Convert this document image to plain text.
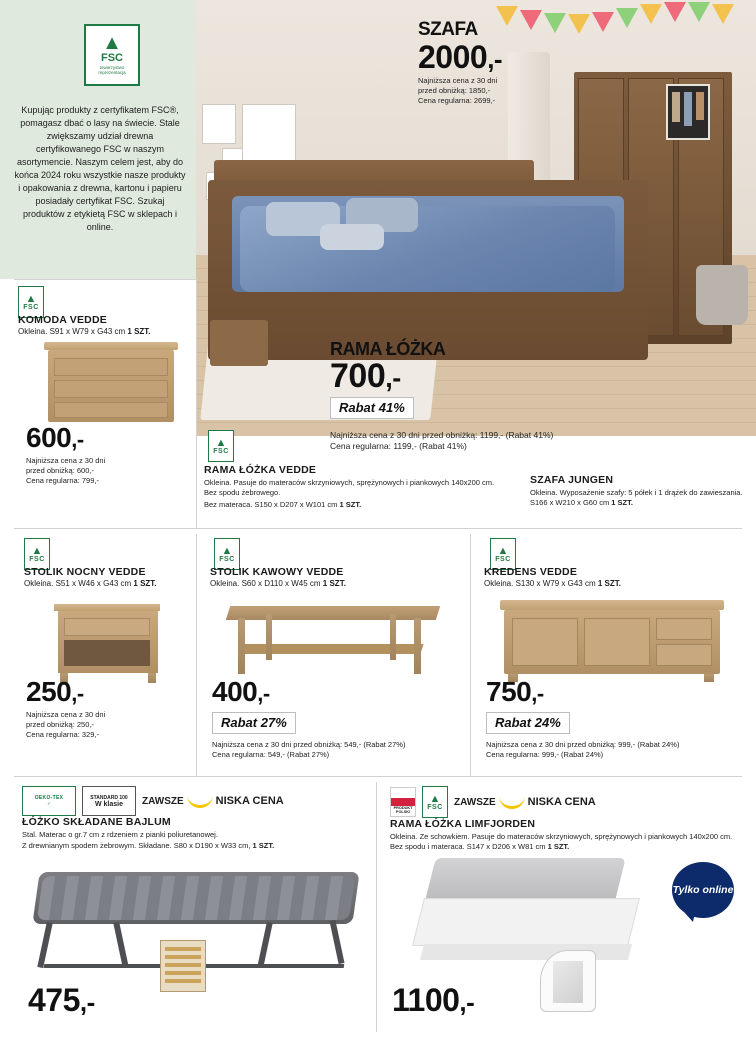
▲
FSC
towarzystwo
reprezentacja
Kupując produkty z certyfikatem FSC®, pomagasz dbać o lasy na świecie. Stale zwiększamy udział drewna certyfikowanego FSC w naszym asortymencie. Naszym celem jest, aby do końca 2024 roku wszystkie nasze produkty i opakowania z drewna, kartonu i papieru posiadały certyfikat FSC. Szukaj produktów z etykietą FSC w sklepach i online.
SZAFA
2000,-
Najniższa cena z 30 dni
przed obniżką: 1850,-
Cena regularna: 2699,-
RAMA ŁÓŻKA
700,-
Rabat 41%
Najniższa cena z 30 dni przed obniżką: 1199,- (Rabat 41%)
Cena regularna: 1199,- (Rabat 41%)
▲
FSC
KOMODA VEDDE
Okleina. S91 x W79 x G43 cm 1 SZT.
600,-
Najniższa cena z 30 dni
przed obniżką: 600,-
Cena regularna: 799,-
▲
FSC
RAMA ŁÓŻKA VEDDE
Okleina. Pasuje do materaców skrzyniowych, sprężynowych i piankowych 140x200 cm. Bez spodu żebrowego.
Bez materaca. S150 x D207 x W101 cm 1 SZT.
SZAFA JUNGEN
Okleina. Wyposażenie szafy: 5 półek i 1 drążek do zawieszania. S166 x W210 x G60 cm 1 SZT.
▲
FSC
STOLIK NOCNY VEDDE
Okleina. S51 x W46 x G43 cm 1 SZT.
250,-
Najniższa cena z 30 dni
przed obniżką: 250,-
Cena regularna: 329,-
▲
FSC
STOLIK KAWOWY VEDDE
Okleina. S60 x D110 x W45 cm 1 SZT.
400,-
Rabat 27%
Najniższa cena z 30 dni przed obniżką: 549,- (Rabat 27%)
Cena regularna: 549,- (Rabat 27%)
▲
FSC
KREDENS VEDDE
Okleina. S130 x W79 x G43 cm 1 SZT.
750,-
Rabat 24%
Najniższa cena z 30 dni przed obniżką: 999,- (Rabat 24%)
Cena regularna: 999,- (Rabat 24%)
OEKO-TEX
✓
STANDARD 100
W klasie ZAWSZE	NISKA CENA
ŁÓŻKO SKŁADANE BAJLUM
Stal. Materac o gr.7 cm z rdzeniem z pianki poliuretanowej.
Z drewnianym spodem żebrowym. Składane. S80 x D190 x W33 cm, 1 SZT.
475,-
PRODUKT POLSKI
▲
FSC ZAWSZE	NISKA CENA
RAMA ŁÓŻKA LIMFJORDEN
Okleina. Ze schowkiem. Pasuje do materaców skrzyniowych, sprężynowych i piankowych 140x200 cm. Bez spodu i materaca. S147 x D206 x W81 cm 1 SZT.
Tylko online
1100,-
